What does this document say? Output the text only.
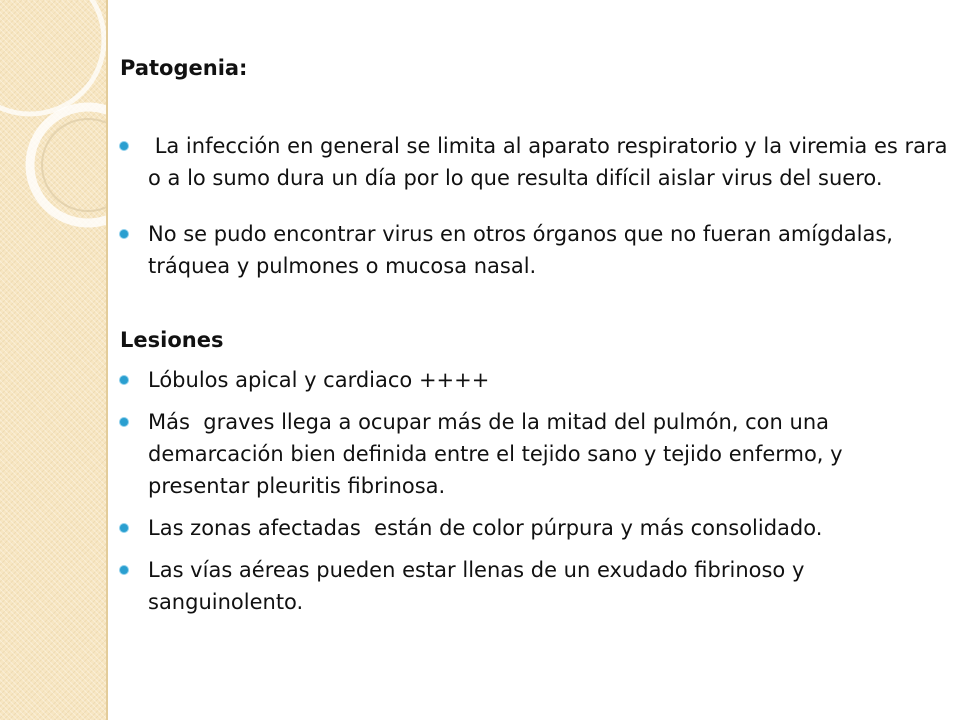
Patogenia:

La infección en general se limita al aparato respiratorio y la viremia es rara o a lo sumo dura un día por lo que resulta difícil aislar virus del suero.
No se pudo encontrar virus en otros órganos que no fueran amígdalas, tráquea y pulmones o mucosa nasal.

Lesiones

Lóbulos apical y cardiaco ++++
Más  graves llega a ocupar más de la mitad del pulmón, con una demarcación bien definida entre el tejido sano y tejido enfermo, y presentar pleuritis fibrinosa.
Las zonas afectadas  están de color púrpura y más consolidado.
Las vías aéreas pueden estar llenas de un exudado fibrinoso y sanguinolento.
